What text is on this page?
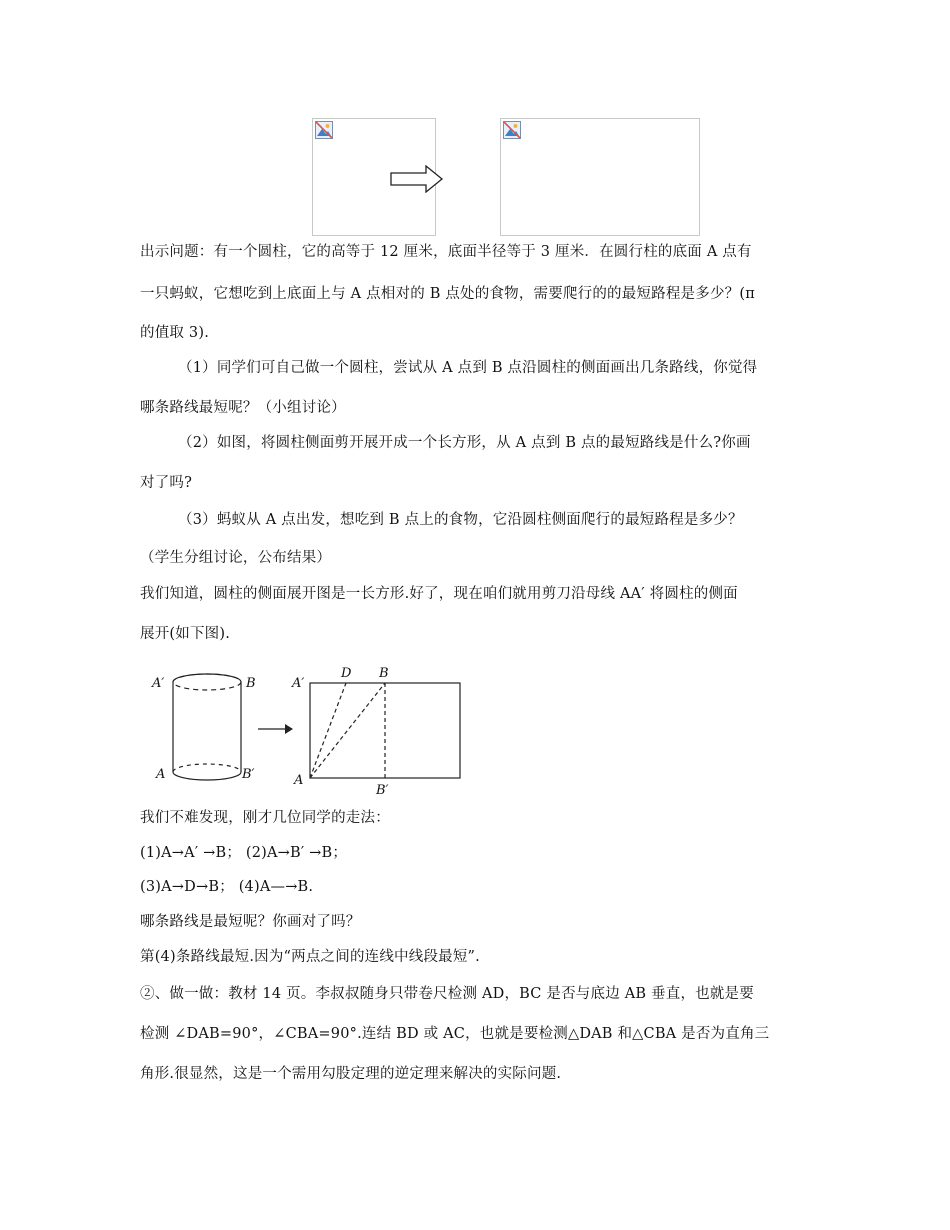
出示问题：有一个圆柱，它的高等于 12 厘米，底面半径等于 3 厘米．在圆行柱的底面 A 点有
一只蚂蚁，它想吃到上底面上与 A 点相对的 B 点处的食物，需要爬行的的最短路程是多少？(π
的值取 3).
（1）同学们可自己做一个圆柱，尝试从 A 点到 B 点沿圆柱的侧面画出几条路线，你觉得
哪条路线最短呢？（小组讨论）
（2）如图，将圆柱侧面剪开展开成一个长方形，从 A 点到 B 点的最短路线是什么?你画
对了吗?
（3）蚂蚁从 A 点出发，想吃到 B 点上的食物，它沿圆柱侧面爬行的最短路程是多少？
（学生分组讨论，公布结果）
我们知道，圆柱的侧面展开图是一长方形.好了，现在咱们就用剪刀沿母线 AA′ 将圆柱的侧面
展开(如下图).
A′	B
A	B′
A′
D B
A
B′
我们不难发现，刚才几位同学的走法：
(1)A→A′ →B； (2)A→B′ →B；
(3)A→D→B； (4)A—→B.
哪条路线是最短呢？你画对了吗？
第(4)条路线最短.因为“两点之间的连线中线段最短”.
②、做一做：教材 14 页。李叔叔随身只带卷尺检测 AD，BC 是否与底边 AB 垂直，也就是要
检测 ∠DAB=90°，∠CBA=90°.连结 BD 或 AC，也就是要检测△DAB 和△CBA 是否为直角三
角形.很显然，这是一个需用勾股定理的逆定理来解决的实际问题.
